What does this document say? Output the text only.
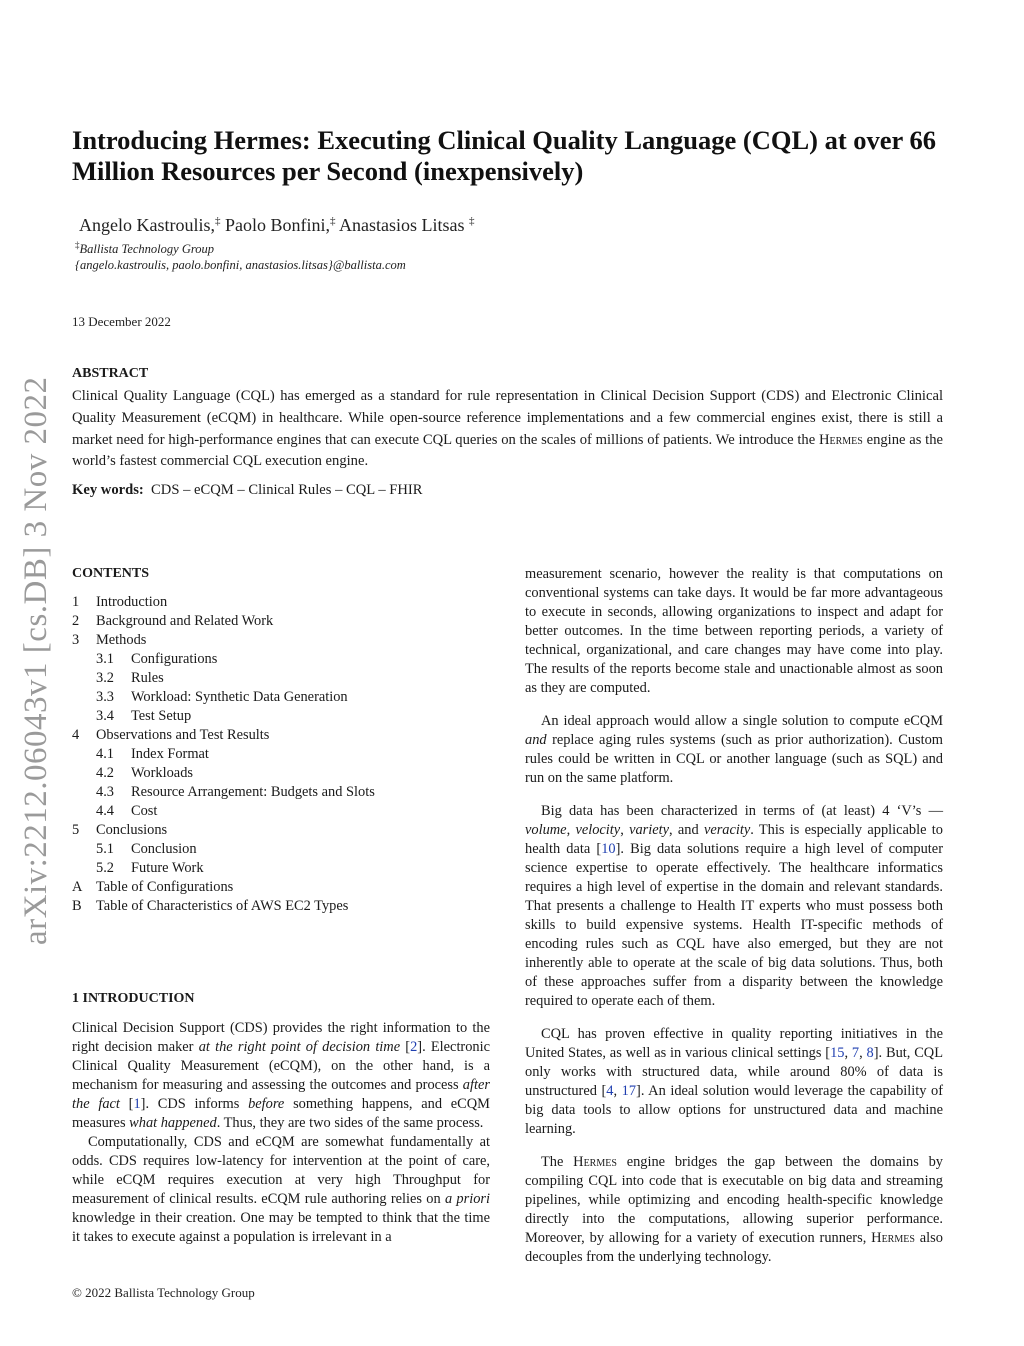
arXiv:2212.06043v1 [cs.DB] 3 Nov 2022
Introducing Hermes: Executing Clinical Quality Language (CQL) at over 66 Million Resources per Second (inexpensively)
Angelo Kastroulis,‡ Paolo Bonfini,‡ Anastasios Litsas ‡
‡Ballista Technology Group
{angelo.kastroulis, paolo.bonfini, anastasios.litsas}@ballista.com
13 December 2022
ABSTRACT
Clinical Quality Language (CQL) has emerged as a standard for rule representation in Clinical Decision Support (CDS) and Electronic Clinical Quality Measurement (eCQM) in healthcare. While open-source reference implementations and a few commercial engines exist, there is still a market need for high-performance engines that can execute CQL queries on the scales of millions of patients. We introduce the Hermes engine as the world’s fastest commercial CQL execution engine.
Key words: CDS – eCQM – Clinical Rules – CQL – FHIR
CONTENTS
1 Introduction
2 Background and Related Work
3 Methods
3.1 Configurations
3.2 Rules
3.3 Workload: Synthetic Data Generation
3.4 Test Setup
4 Observations and Test Results
4.1 Index Format
4.2 Workloads
4.3 Resource Arrangement: Budgets and Slots
4.4 Cost
5 Conclusions
5.1 Conclusion
5.2 Future Work
A Table of Configurations
B Table of Characteristics of AWS EC2 Types
1 INTRODUCTION

Clinical Decision Support (CDS) provides the right information to the right decision maker at the right point of decision time [2]. Electronic Clinical Quality Measurement (eCQM), on the other hand, is a mechanism for measuring and assessing the outcomes and process after the fact [1]. CDS informs before something happens, and eCQM measures what happened. Thus, they are two sides of the same process.

Computationally, CDS and eCQM are somewhat fundamentally at odds. CDS requires low-latency for intervention at the point of care, while eCQM requires execution at very high Throughput for measurement of clinical results. eCQM rule authoring relies on a priori knowledge in their creation. One may be tempted to think that the time it takes to execute against a population is irrelevant in a

measurement scenario, however the reality is that computations on conventional systems can take days. It would be far more advantageous to execute in seconds, allowing organizations to inspect and adapt for better outcomes. In the time between reporting periods, a variety of technical, organizational, and care changes may have come into play. The results of the reports become stale and unactionable almost as soon as they are computed.

An ideal approach would allow a single solution to compute eCQM and replace aging rules systems (such as prior authorization). Custom rules could be written in CQL or another language (such as SQL) and run on the same platform.

Big data has been characterized in terms of (at least) 4 ‘V’s — volume, velocity, variety, and veracity. This is especially applicable to health data [10]. Big data solutions require a high level of computer science expertise to operate effectively. The healthcare informatics requires a high level of expertise in the domain and relevant standards. That presents a challenge to Health IT experts who must possess both skills to build expensive systems. Health IT-specific methods of encoding rules such as CQL have also emerged, but they are not inherently able to operate at the scale of big data solutions. Thus, both of these approaches suffer from a disparity between the knowledge required to operate each of them.

CQL has proven effective in quality reporting initiatives in the United States, as well as in various clinical settings [15, 7, 8]. But, CQL only works with structured data, while around 80% of data is unstructured [4, 17]. An ideal solution would leverage the capability of big data tools to allow options for unstructured data and machine learning.

The Hermes engine bridges the gap between the domains by compiling CQL into code that is executable on big data and streaming pipelines, while optimizing and encoding health-specific knowledge directly into the computations, allowing superior performance. Moreover, by allowing for a variety of execution runners, Hermes also decouples from the underlying technology.

© 2022 Ballista Technology Group
